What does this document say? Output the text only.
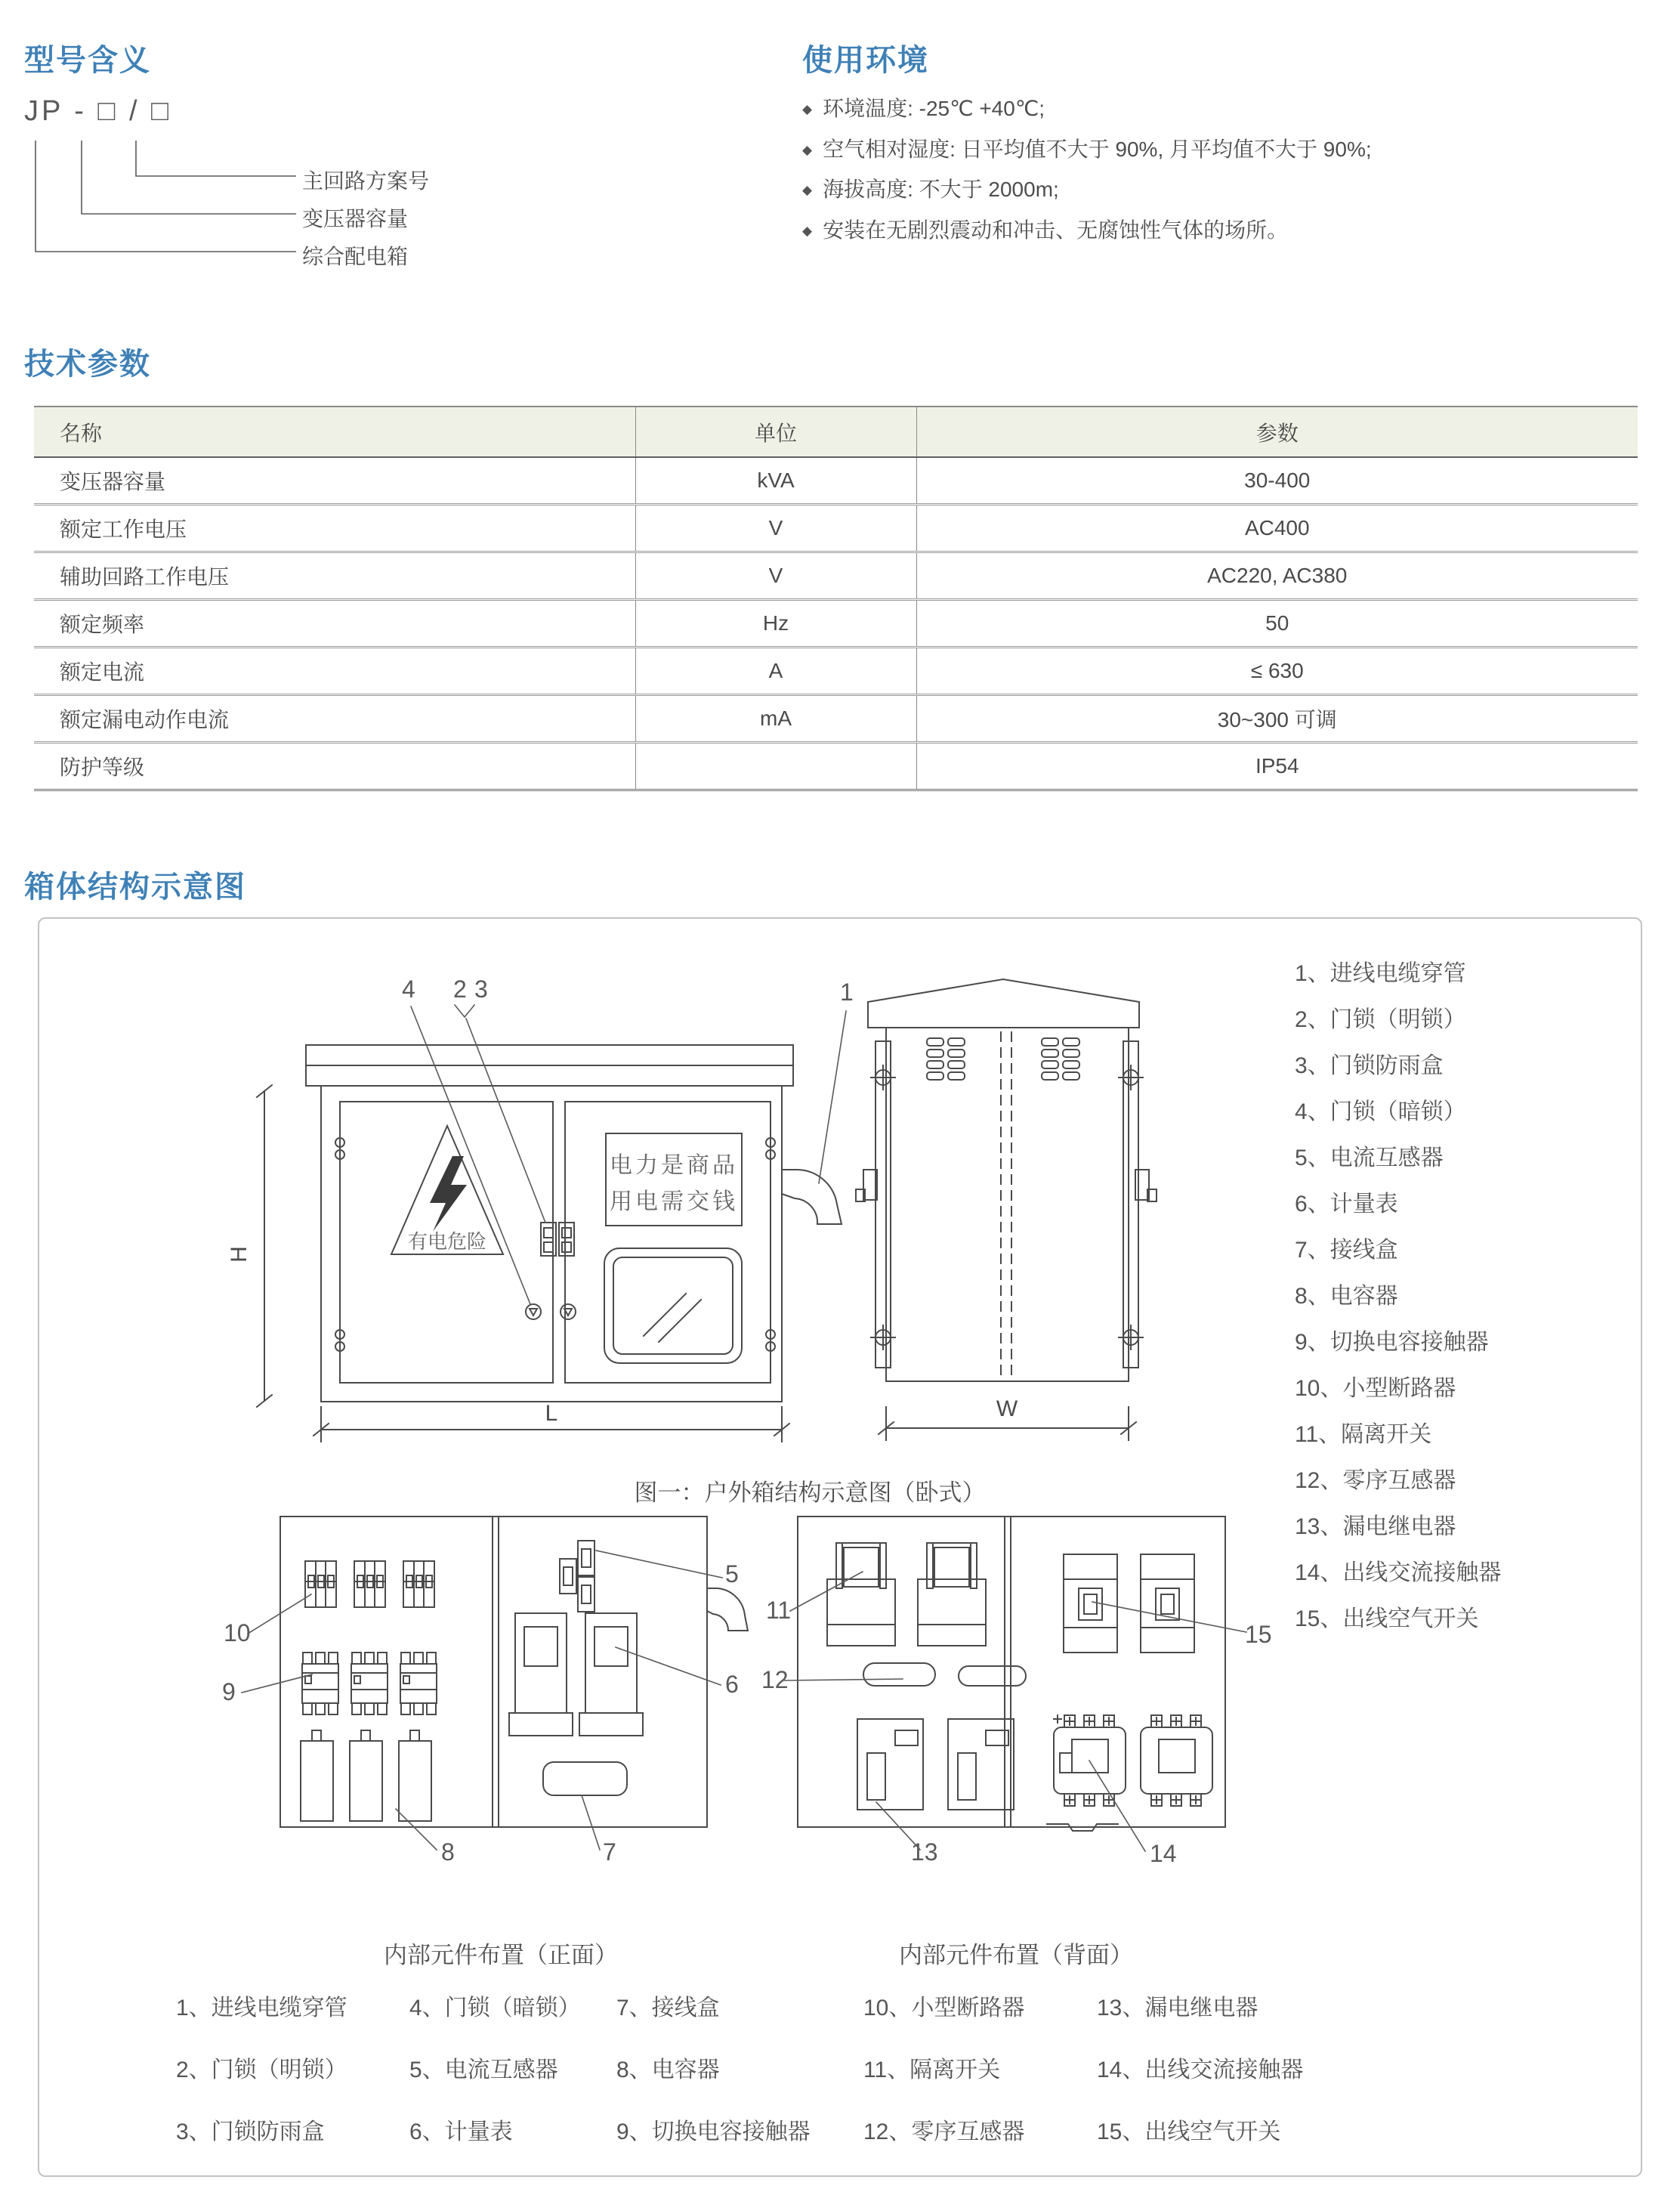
型号含义
JP - □ / □
主回路方案号
变压器容量
综合配电箱
使用环境
◆ 环境温度: -25℃ +40℃;
◆ 空气相对湿度: 日平均值不大于 90%, 月平均值不大于 90%;
◆ 海拔高度: 不大于 2000m;
◆ 安装在无剧烈震动和冲击、无腐蚀性气体的场所。
技术参数
名称	单位	参数
变压器容量	kVA	30-400
额定工作电压	V	AC400
辅助回路工作电压	V	AC220, AC380
额定频率	Hz	50
额定电流	A	≤ 630
额定漏电动作电流	mA	30~300 可调
防护等级		IP54
箱体结构示意图
4 2 3	1
有电危险
电力是商品
用电需交钱
H
L	W
图一：户外箱结构示意图（卧式）
1、进线电缆穿管
2、门锁（明锁）
3、门锁防雨盒
4、门锁（暗锁）
5、电流互感器
6、计量表
7、接线盒
8、电容器
9、切换电容接触器
10、小型断路器
11、隔离开关
12、零序互感器
13、漏电继电器
14、出线交流接触器
15、出线空气开关
10
9
8	7
5
6
11
12
13	14
15
内部元件布置（正面）	内部元件布置（背面）
1、进线电缆穿管
2、门锁（明锁）
3、门锁防雨盒
4、门锁（暗锁）
5、电流互感器
6、计量表
7、接线盒
8、电容器
9、切换电容接触器
10、小型断路器
11、隔离开关
12、零序互感器
13、漏电继电器
14、出线交流接触器
15、出线空气开关
